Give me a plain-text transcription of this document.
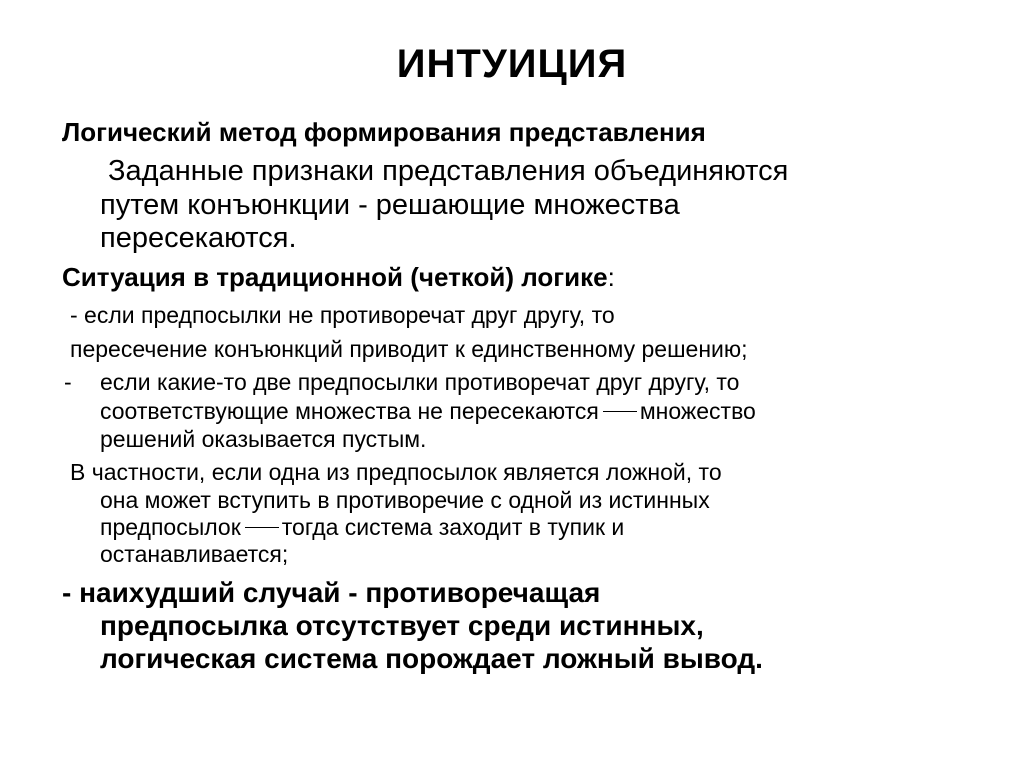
ИНТУИЦИЯ
Логический метод формирования представления
Заданные признаки представления объединяются
путем конъюнкции - решающие множества
пересекаются.
Ситуация в традиционной (четкой) логике:
- если предпосылки не противоречат друг другу, то
пересечение конъюнкций приводит к единственному решению;
- если какие-то две предпосылки противоречат друг другу, то
соответствующие множества не пересекаются множество
решений оказывается пустым.
В частности, если одна из предпосылок является ложной, то
она может вступить в противоречие с одной из истинных
предпосылок тогда система заходит в тупик и
останавливается;
- наихудший случай - противоречащая
предпосылка отсутствует среди истинных,
логическая система порождает ложный вывод.
